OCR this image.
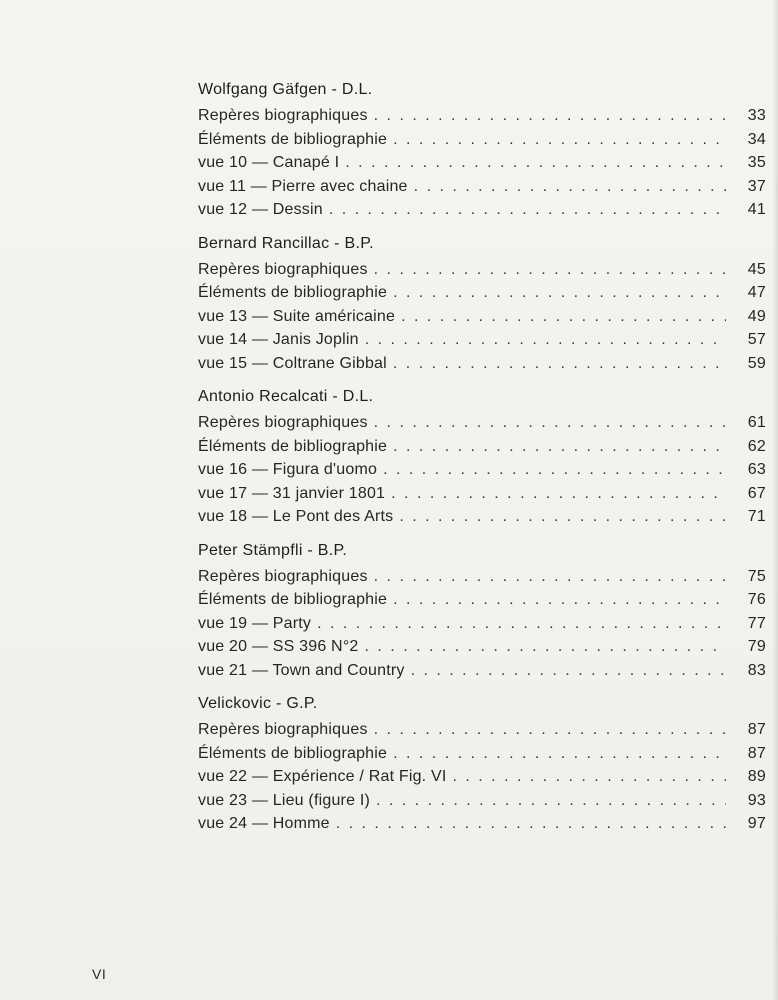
Wolfgang Gäfgen - D.L.
Repères biographiques . . .	33
Éléments de bibliographie . . .	34
vue 10 — Canapé I . . .	35
vue 11 — Pierre avec chaine . . .	37
vue 12 — Dessin . . .	41
Bernard Rancillac - B.P.
Repères biographiques . . .	45
Éléments de bibliographie . . .	47
vue 13 — Suite américaine . . .	49
vue 14 — Janis Joplin . . .	57
vue 15 — Coltrane Gibbal . . .	59
Antonio Recalcati - D.L.
Repères biographiques . . .	61
Éléments de bibliographie . . .	62
vue 16 — Figura d'uomo . . .	63
vue 17 — 31 janvier 1801 . . .	67
vue 18 — Le Pont des Arts . . .	71
Peter Stämpfli - B.P.
Repères biographiques . . .	75
Éléments de bibliographie . . .	76
vue 19 — Party . . .	77
vue 20 — SS 396 N°2 . . .	79
vue 21 — Town and Country . . .	83
Velickovic - G.P.
Repères biographiques . . .	87
Éléments de bibliographie . . .	87
vue 22 — Expérience / Rat Fig. VI . . .	89
vue 23 — Lieu (figure I) . . .	93
vue 24 — Homme . . .	97
VI
